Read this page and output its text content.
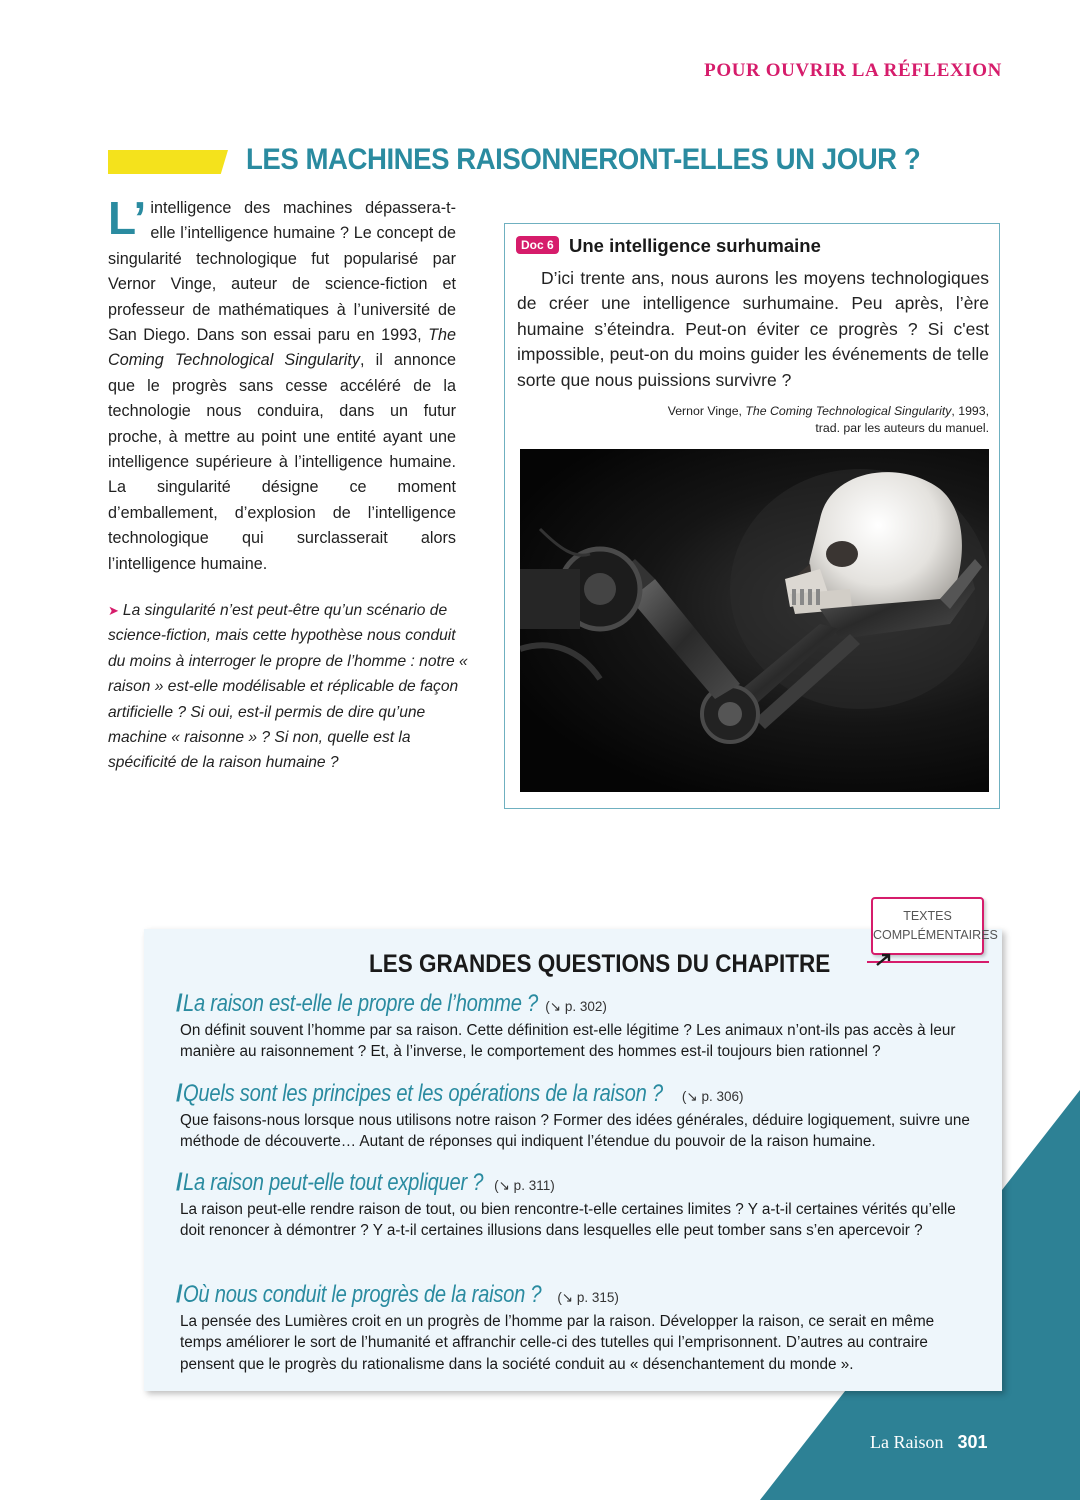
POUR OUVRIR LA RÉFLEXION
LES MACHINES RAISONNERONT-ELLES UN JOUR ?
L’ intelligence des machines dépassera-t-elle l’intelligence humaine ? Le concept de singularité technologique fut popularisé par Vernor Vinge, auteur de science-fiction et professeur de mathématiques à l’université de San Diego. Dans son essai paru en 1993, The Coming Technological Singularity, il annonce que le progrès sans cesse accéléré de la technologie nous conduira, dans un futur proche, à mettre au point une entité ayant une intelligence supérieure à l’intelligence humaine. La singularité désigne ce moment d’emballement, d’explosion de l’intelligence technologique qui surclasserait alors l’intelligence humaine.
➤ La singularité n’est peut-être qu’un scénario de science-fiction, mais cette hypothèse nous conduit du moins à interroger le propre de l’homme : notre « raison » est-elle modélisable et réplicable de façon artificielle ? Si oui, est-il permis de dire qu’une machine « raisonne » ? Si non, quelle est la spécificité de la raison humaine ?
Doc 6 Une intelligence surhumaine
D’ici trente ans, nous aurons les moyens technologiques de créer une intelligence surhumaine. Peu après, l’ère humaine s’éteindra. Peut-on éviter ce progrès ? Si c'est impossible, peut-on du moins guider les événements de telle sorte que nous puissions survivre ?
Vernor Vinge, The Coming Technological Singularity, 1993,
trad. par les auteurs du manuel.
TEXTES
COMPLÉMENTAIRES
LES GRANDES QUESTIONS DU CHAPITRE
/La raison est-elle le propre de l’homme ? (↘ p. 302)
On définit souvent l’homme par sa raison. Cette définition est-elle légitime ? Les animaux n’ont-ils pas accès à leur manière au raisonnement ? Et, à l’inverse, le comportement des hommes est-il toujours bien rationnel ?
/Quels sont les principes et les opérations de la raison ? (↘ p. 306)
Que faisons-nous lorsque nous utilisons notre raison ? Former des idées générales, déduire logiquement, suivre une méthode de découverte… Autant de réponses qui indiquent l’étendue du pouvoir de la raison humaine.
/La raison peut-elle tout expliquer ? (↘ p. 311)
La raison peut-elle rendre raison de tout, ou bien rencontre-t-elle certaines limites ? Y a-t-il certaines vérités qu’elle doit renoncer à démontrer ? Y a-t-il certaines illusions dans lesquelles elle peut tomber sans s’en apercevoir ?
/Où nous conduit le progrès de la raison ? (↘ p. 315)
La pensée des Lumières croit en un progrès de l’homme par la raison. Développer la raison, ce serait en même temps améliorer le sort de l’humanité et affranchir celle-ci des tutelles qui l’emprisonnent. D’autres au contraire pensent que le progrès du rationalisme dans la société conduit au « désenchantement du monde ».
La Raison 301
